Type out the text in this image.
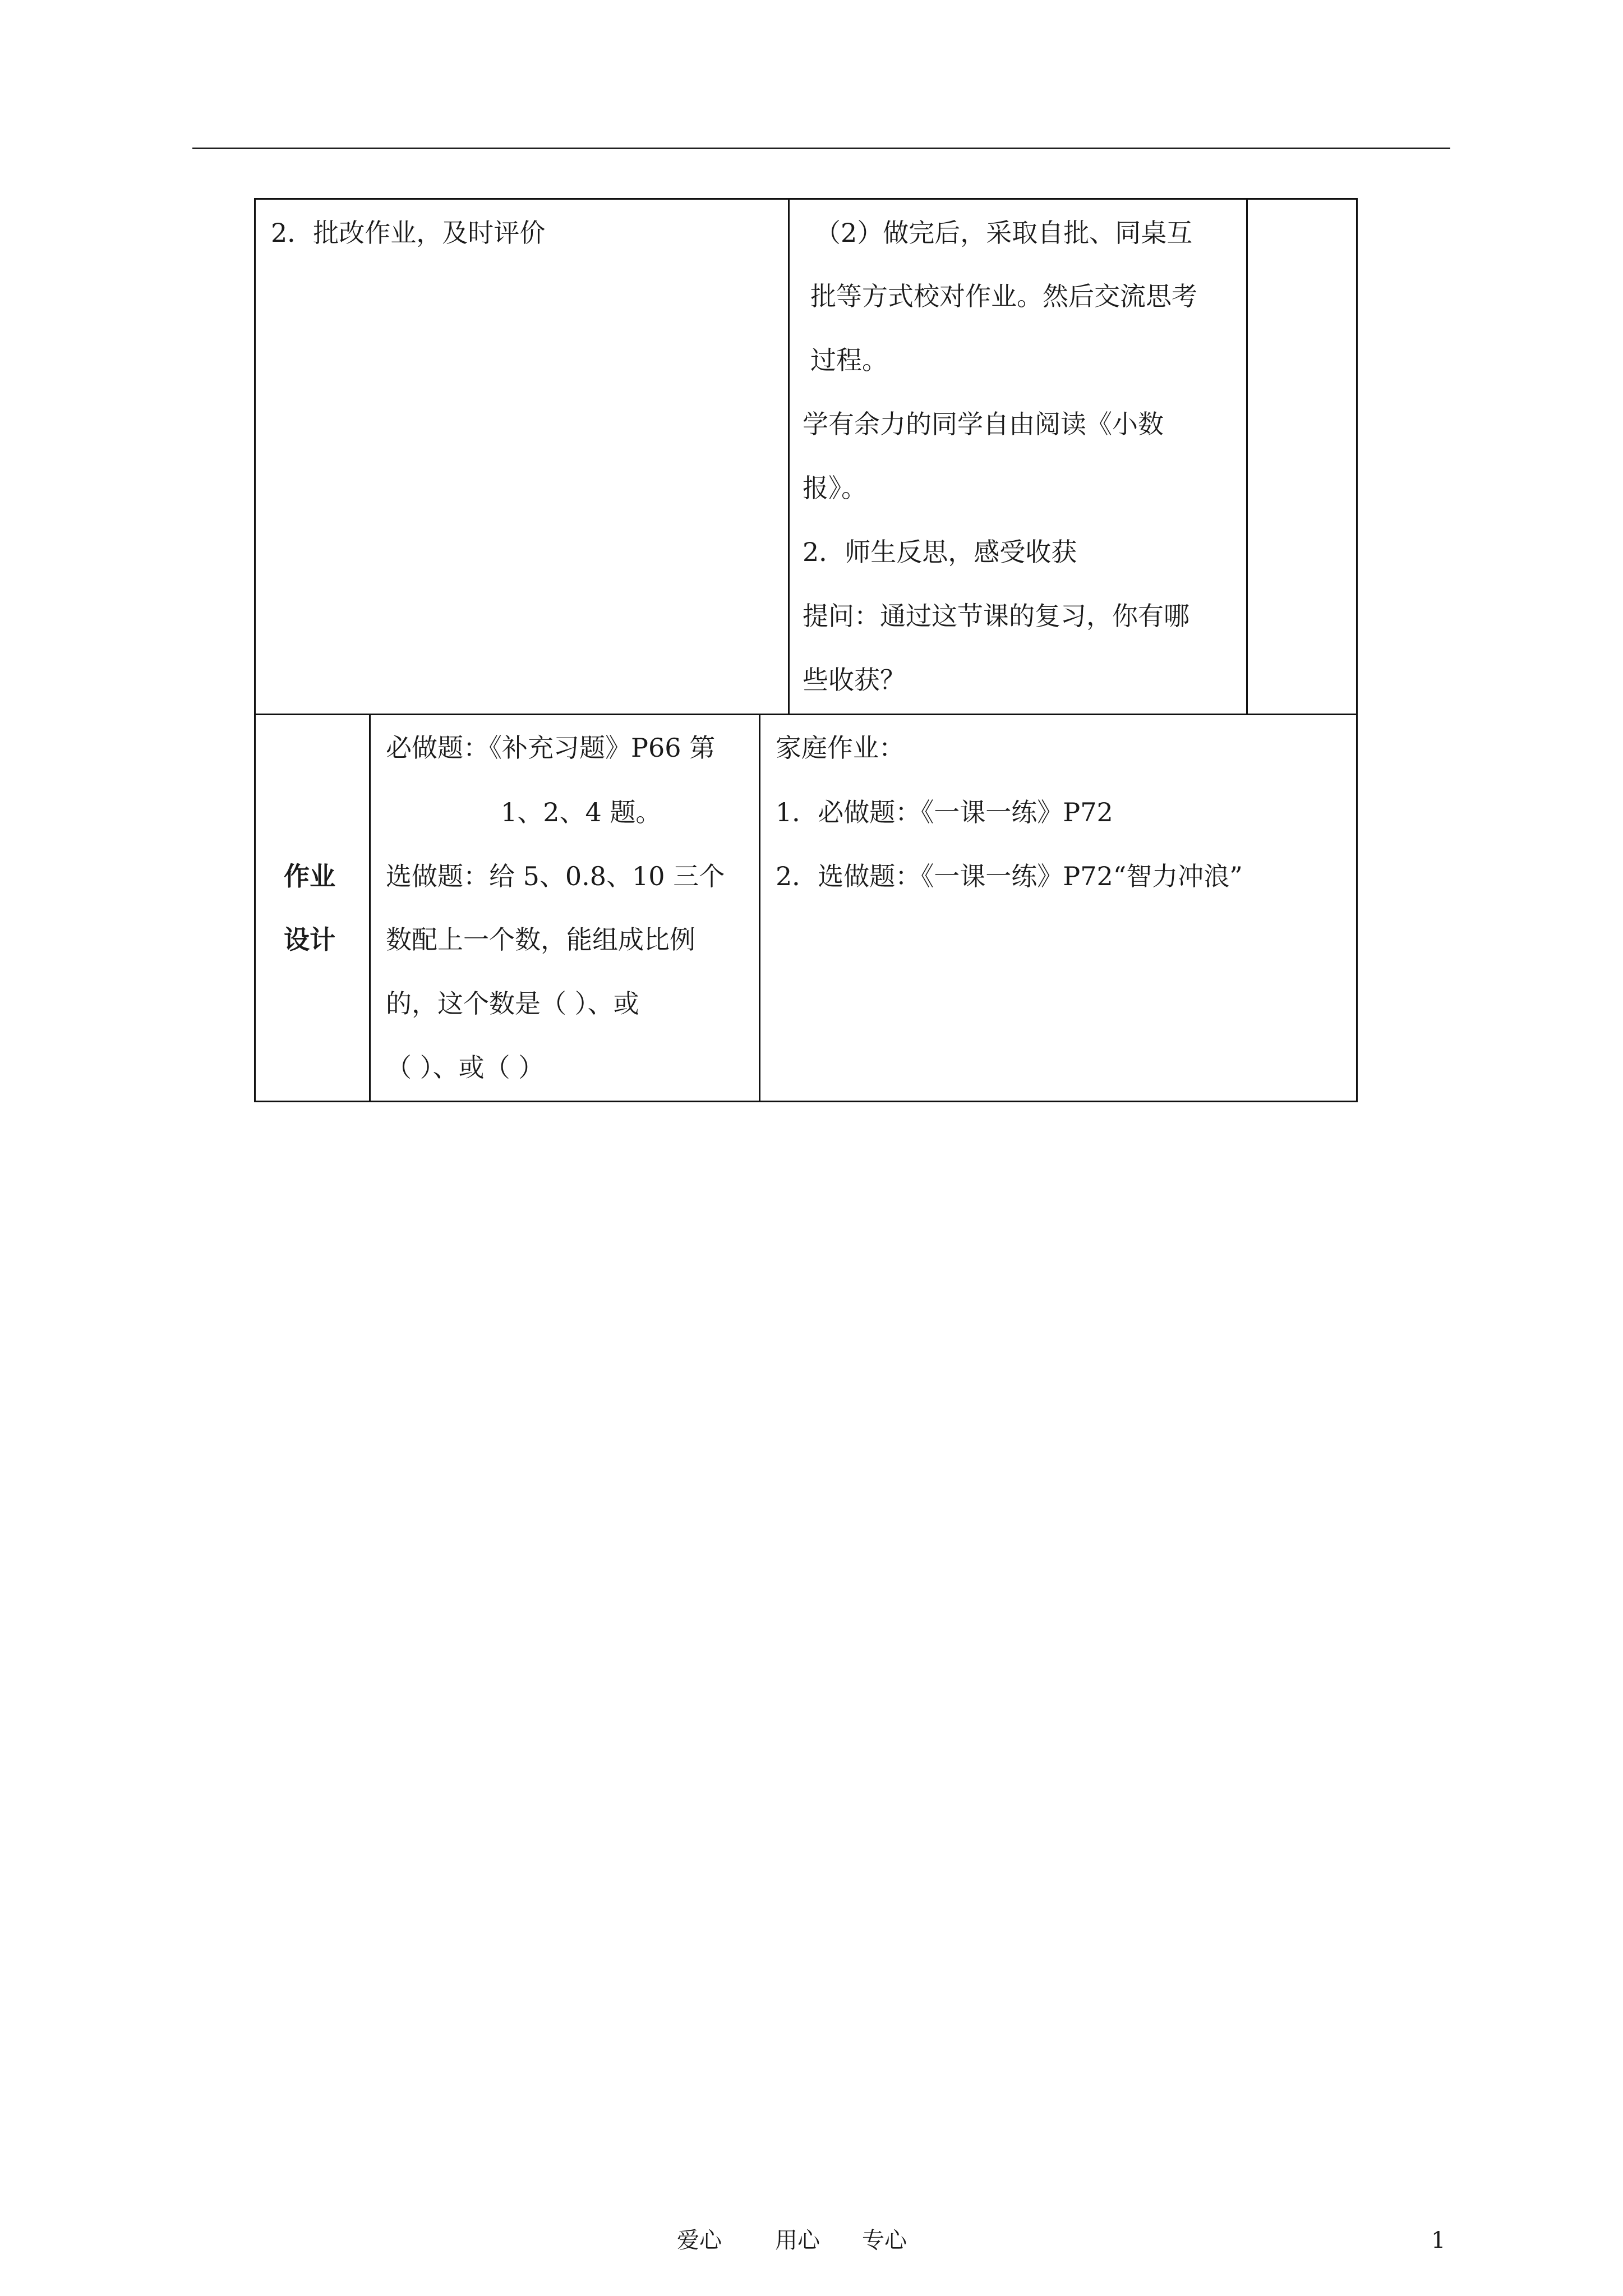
2．批改作业，及时评价	（2）做完后，采取自批、同桌互
批等方式校对作业。然后交流思考
过程。
学有余力的同学自由阅读《小数
报》。
2．师生反思，感受收获
提问：通过这节课的复习，你有哪
些收获？
作业
设计
必做题：《补充习题》P66 第
1、2、4 题。
选做题：给 5、0.8、10 三个
数配上一个数，能组成比例
的，这个数是（ ）、或
（ ）、或（ ）
家庭作业：
1．必做题：《一课一练》P72
2．选做题：《一课一练》P72“智力冲浪”
爱心 用心 专心	1
